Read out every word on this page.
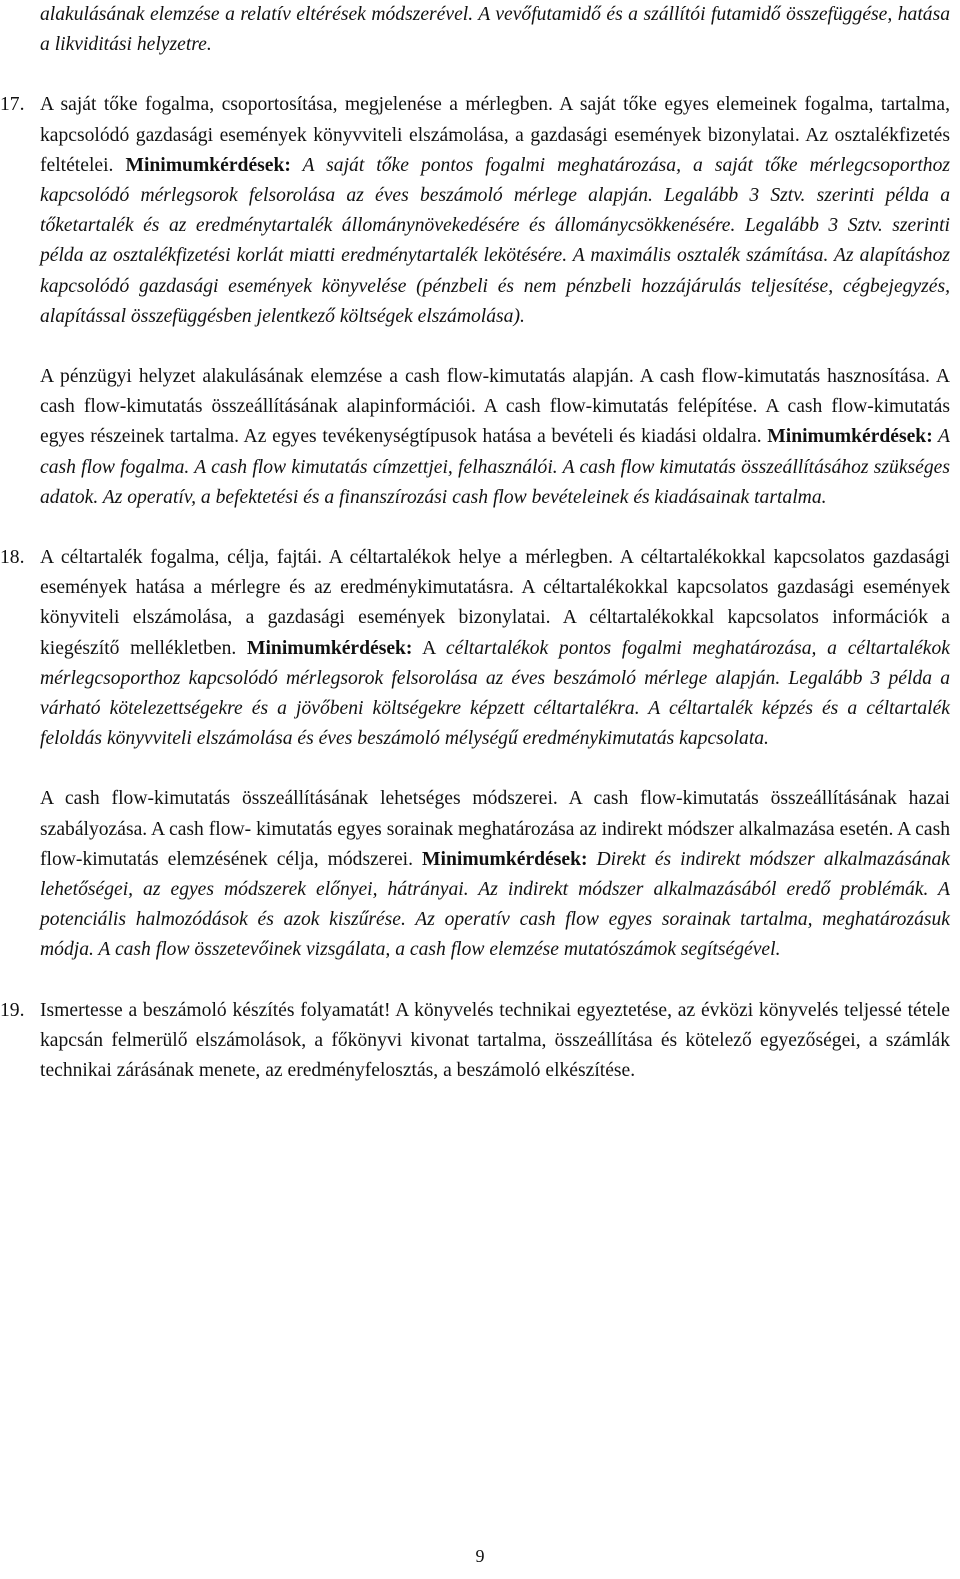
alakulásának elemzése a relatív eltérések módszerével. A vevőfutamidő és a szállítói futamidő összefüggése, hatása a likviditási helyzetre.

17. A saját tőke fogalma, csoportosítása, megjelenése a mérlegben. A saját tőke egyes elemeinek fogalma, tartalma, kapcsolódó gazdasági események könyvviteli elszámolása, a gazdasági események bizonylatai. Az osztalékfizetés feltételei. Minimumkérdések: A saját tőke pontos fogalmi meghatározása, a saját tőke mérlegcsoporthoz kapcsolódó mérlegsorok felsorolása az éves beszámoló mérlege alapján. Legalább 3 Sztv. szerinti példa a tőketartalék és az eredménytartalék állománynövekedésére és állománycsökkenésére. Legalább 3 Sztv. szerinti példa az osztalékfizetési korlát miatti eredménytartalék lekötésére. A maximális osztalék számítása. Az alapításhoz kapcsolódó gazdasági események könyvelése (pénzbeli és nem pénzbeli hozzájárulás teljesítése, cégbejegyzés, alapítással összefüggésben jelentkező költségek elszámolása).

A pénzügyi helyzet alakulásának elemzése a cash flow-kimutatás alapján. A cash flow-kimutatás hasznosítása. A cash flow-kimutatás összeállításának alapinformációi. A cash flow-kimutatás felépítése. A cash flow-kimutatás egyes részeinek tartalma. Az egyes tevékenységtípusok hatása a bevételi és kiadási oldalra. Minimumkérdések: A cash flow fogalma. A cash flow kimutatás címzettjei, felhasználói. A cash flow kimutatás összeállításához szükséges adatok. Az operatív, a befektetési és a finanszírozási cash flow bevételeinek és kiadásainak tartalma.

18. A céltartalék fogalma, célja, fajtái. A céltartalékok helye a mérlegben. A céltartalékokkal kapcsolatos gazdasági események hatása a mérlegre és az eredménykimutatásra. A céltartalékokkal kapcsolatos gazdasági események könyviteli elszámolása, a gazdasági események bizonylatai. A céltartalékokkal kapcsolatos információk a kiegészítő mellékletben. Minimumkérdések: A céltartalékok pontos fogalmi meghatározása, a céltartalékok mérlegcsoporthoz kapcsolódó mérlegsorok felsorolása az éves beszámoló mérlege alapján. Legalább 3 példa a várható kötelezettségekre és a jövőbeni költségekre képzett céltartalékra. A céltartalék képzés és a céltartalék feloldás könyvviteli elszámolása és éves beszámoló mélységű eredménykimutatás kapcsolata.

A cash flow-kimutatás összeállításának lehetséges módszerei. A cash flow-kimutatás összeállításának hazai szabályozása. A cash flow- kimutatás egyes sorainak meghatározása az indirekt módszer alkalmazása esetén. A cash flow-kimutatás elemzésének célja, módszerei. Minimumkérdések: Direkt és indirekt módszer alkalmazásának lehetőségei, az egyes módszerek előnyei, hátrányai. Az indirekt módszer alkalmazásából eredő problémák. A potenciális halmozódások és azok kiszűrése. Az operatív cash flow egyes sorainak tartalma, meghatározásuk módja. A cash flow összetevőinek vizsgálata, a cash flow elemzése mutatószámok segítségével.

19. Ismertesse a beszámoló készítés folyamatát! A könyvelés technikai egyeztetése, az évközi könyvelés teljessé tétele kapcsán felmerülő elszámolások, a főkönyvi kivonat tartalma, összeállítása és kötelező egyezőségei, a számlák technikai zárásának menete, az eredményfelosztás, a beszámoló elkészítése.

9
